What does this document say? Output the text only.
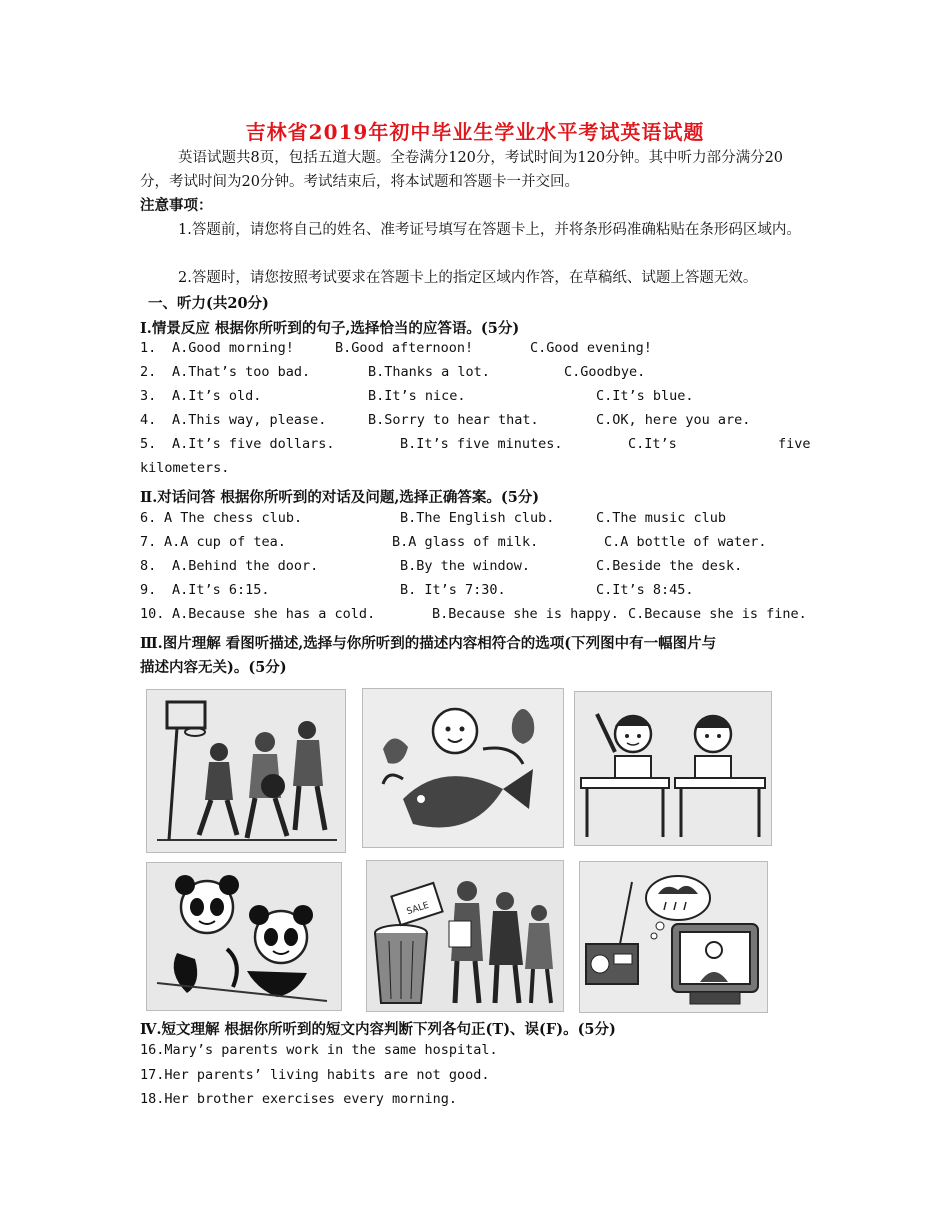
吉林省2019年初中毕业生学业水平考试英语试题
英语试题共8页，包括五道大题。全卷满分120分，考试时间为120分钟。其中听力部分满分20分，考试时间为20分钟。考试结束后，将本试题和答题卡一并交回。
注意事项：
1.答题前，请您将自己的姓名、准考证号填写在答题卡上，并将条形码准确粘贴在条形码区域内。
2.答题时，请您按照考试要求在答题卡上的指定区域内作答，在草稿纸、试题上答题无效。
一、听力(共20分)
Ⅰ.情景反应 根据你所听到的句子,选择恰当的应答语。(5分)
1. A.Good morning!	B.Good afternoon!	C.Good evening!
2. A.That’s too bad.	B.Thanks a lot.	C.Goodbye.
3. A.It’s old.	B.It’s nice.	C.It’s blue.
4. A.This way, please.	B.Sorry to hear that.	C.OK, here you are.
5. A.It’s five dollars.	B.It’s five minutes.	C.It’s	five
kilometers.
Ⅱ.对话问答 根据你所听到的对话及问题,选择正确答案。(5分)
6. A The chess club.	B.The English club.	C.The music club
7. A.A cup of tea.	B.A glass of milk.	C.A bottle of water.
8. A.Behind the door.	B.By the window.	C.Beside the desk.
9. A.It’s 6:15.	B. It’s 7:30.	C.It’s 8:45.
10. A.Because she has a cold.	B.Because she is happy. C.Because she is fine.
Ⅲ.图片理解 看图听描述,选择与你所听到的描述内容相符合的选项(下列图中有一幅图片与
描述内容无关)。(5分)
SALE
Ⅳ.短文理解 根据你所听到的短文内容判断下列各句正(T)、误(F)。(5分)
16.Mary’s parents work in the same hospital.
17.Her parents’ living habits are not good.
18.Her brother exercises every morning.
